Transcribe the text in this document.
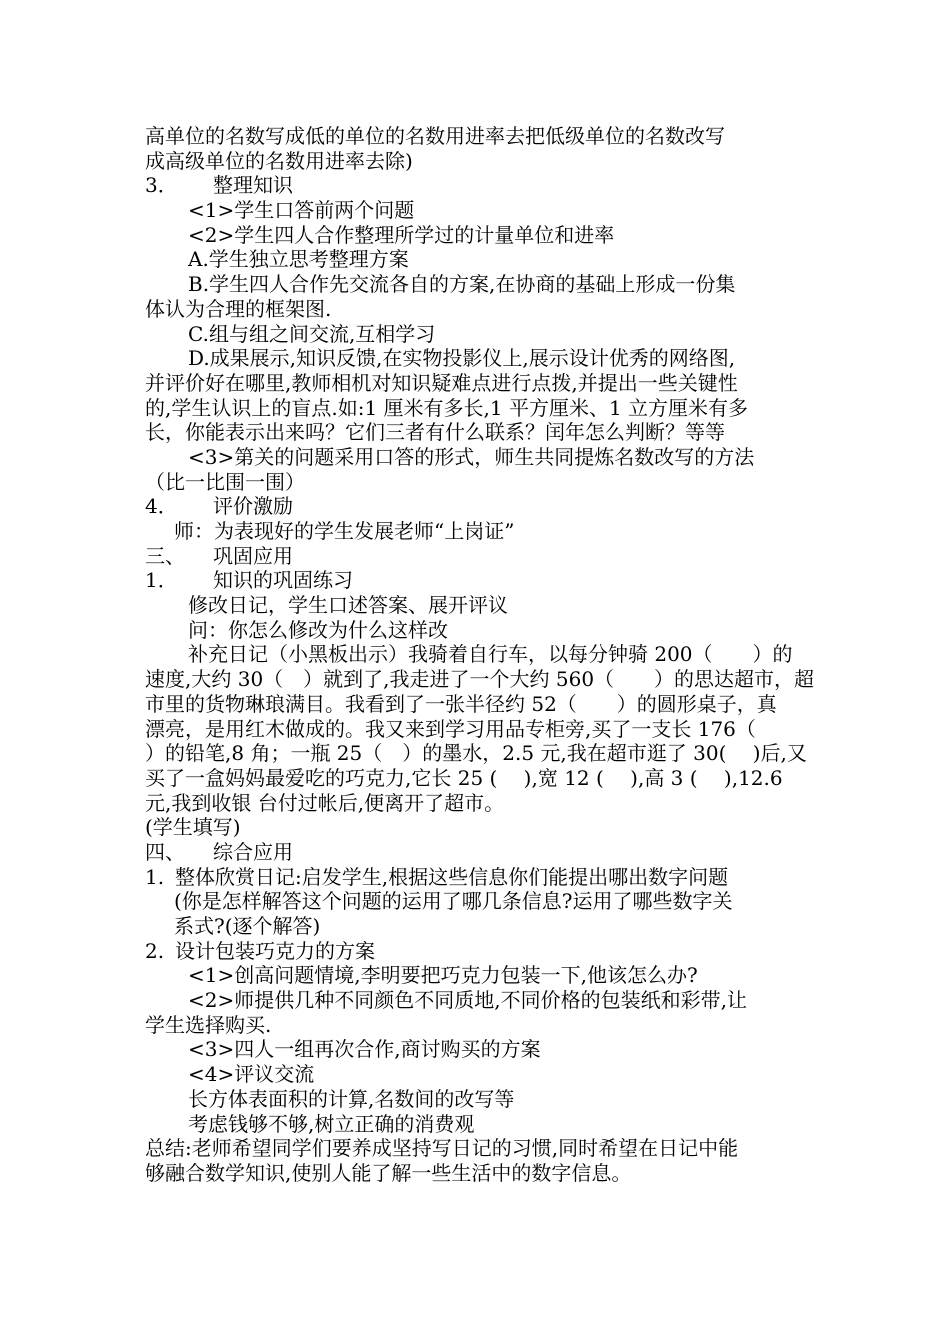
高单位的名数写成低的单位的名数用进率去把低级单位的名数改写
成高级单位的名数用进率去除)
3． 整理知识
<1>学生口答前两个问题
<2>学生四人合作整理所学过的计量单位和进率
A.学生独立思考整理方案
B.学生四人合作先交流各自的方案,在协商的基础上形成一份集
体认为合理的框架图.
C.组与组之间交流,互相学习
D.成果展示,知识反馈,在实物投影仪上,展示设计优秀的网络图,
并评价好在哪里,教师相机对知识疑难点进行点拨,并提出一些关键性
的,学生认识上的盲点.如:1 厘米有多长,1 平方厘米、1 立方厘米有多
长，你能表示出来吗？它们三者有什么联系？闰年怎么判断？等等
<3>第关的问题采用口答的形式，师生共同提炼名数改写的方法
（比一比围一围）
4． 评价激励
师：为表现好的学生发展老师“上岗证”
三、 巩固应用
1． 知识的巩固练习
修改日记，学生口述答案、展开评议
问：你怎么修改为什么这样改
补充日记（小黑板出示）我骑着自行车，以每分钟骑 200（　　）的
速度,大约 30（　）就到了,我走进了一个大约 560（　　）的思达超市，超
市里的货物琳琅满目。我看到了一张半径约 52（　　）的圆形桌子，真
漂亮，是用红木做成的。我又来到学习用品专柜旁,买了一支长 176（
）的铅笔,8 角；一瓶 25（　）的墨水，2.5 元,我在超市逛了 30(　 )后,又
买了一盒妈妈最爱吃的巧克力,它长 25 (　 ),宽 12 (　 ),高 3 (　 ),12.6
元,我到收银 台付过帐后,便离开了超市。
(学生填写)
四、 综合应用
1. 整体欣赏日记:启发学生,根据这些信息你们能提出哪出数字问题
(你是怎样解答这个问题的运用了哪几条信息?运用了哪些数字关
系式?(逐个解答)
2. 设计包装巧克力的方案
<1>创高问题情境,李明要把巧克力包装一下,他该怎么办?
<2>师提供几种不同颜色不同质地,不同价格的包装纸和彩带,让
学生选择购买.
<3>四人一组再次合作,商讨购买的方案
<4>评议交流
长方体表面积的计算,名数间的改写等
考虑钱够不够,树立正确的消费观
总结:老师希望同学们要养成坚持写日记的习惯,同时希望在日记中能
够融合数学知识,使别人能了解一些生活中的数字信息。
